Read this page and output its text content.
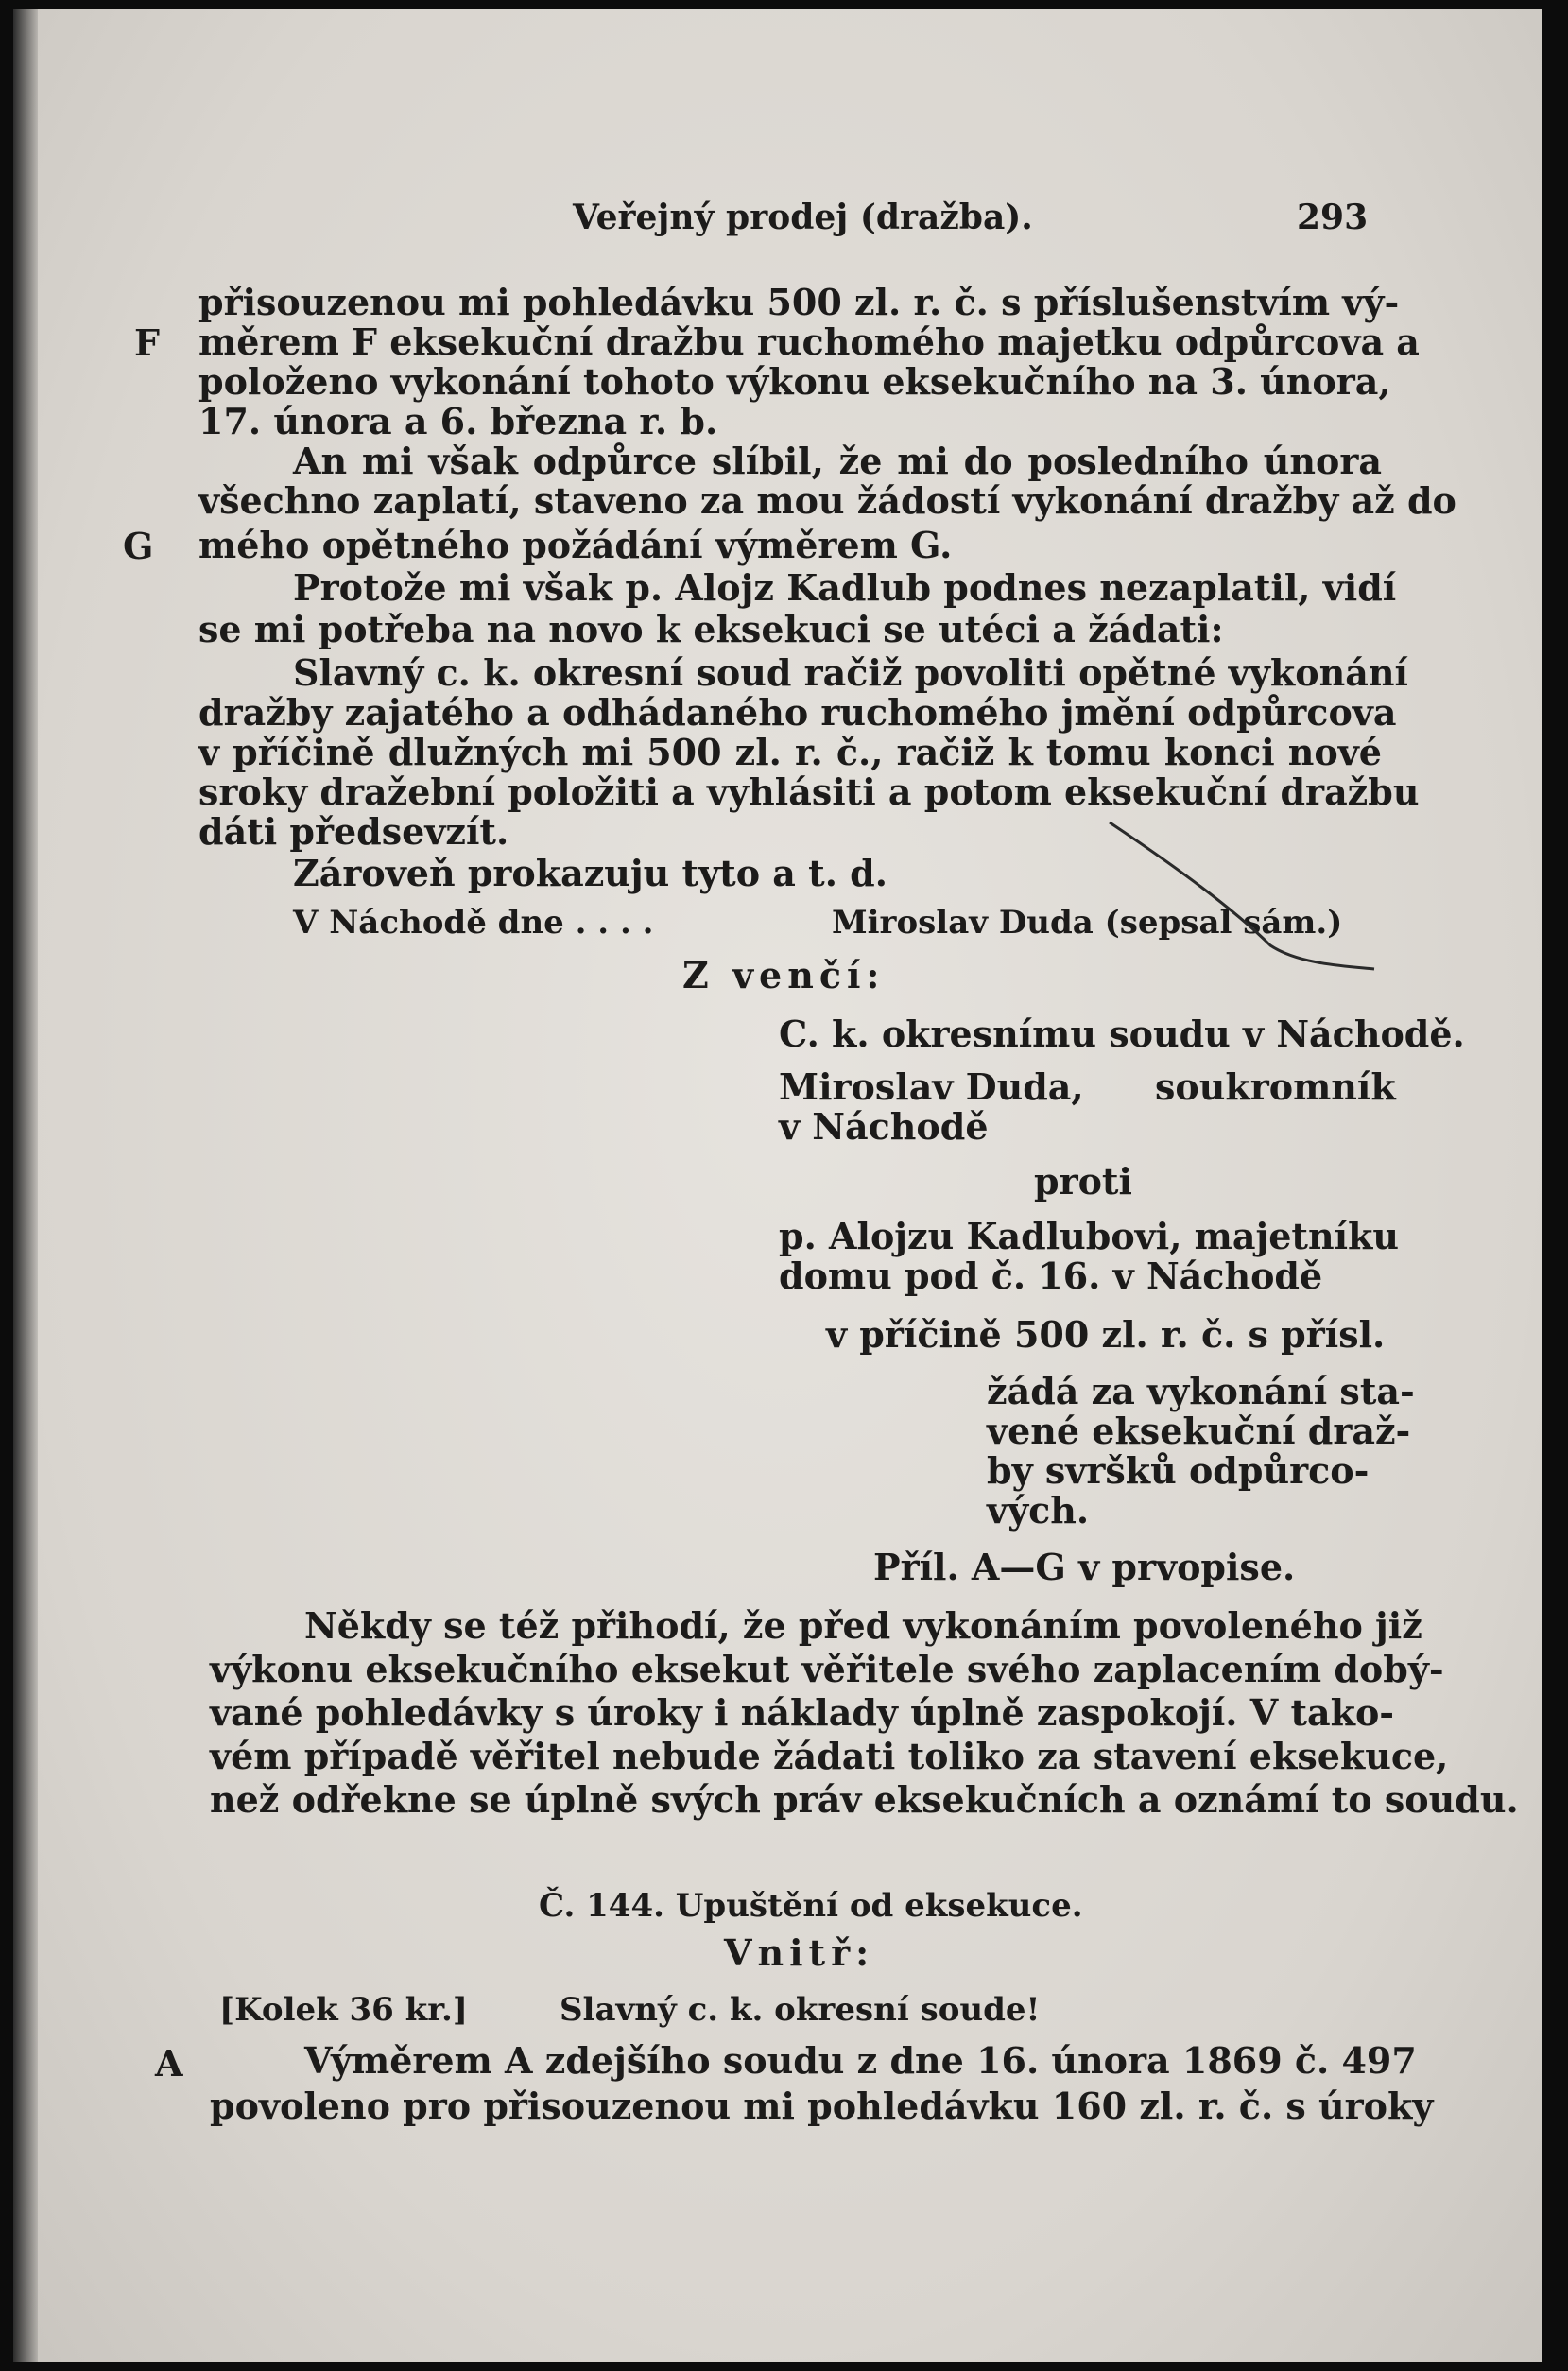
Veřejný prodej (dražba).	293
F
G
A
přisouzenou mi pohledávku 500 zl. r. č. s příslušenstvím vý-
měrem F eksekuční dražbu ruchomého majetku odpůrcova a
položeno vykonání tohoto výkonu eksekučního na 3. února,
17. února a 6. března r. b.
An mi však odpůrce slíbil, že mi do posledního února
všechno zaplatí, staveno za mou žádostí vykonání dražby až do
mého opětného požádání výměrem G.
Protože mi však p. Alojz Kadlub podnes nezaplatil, vidí
se mi potřeba na novo k eksekuci se utéci a žádati:
Slavný c. k. okresní soud račiž povoliti opětné vykonání
dražby zajatého a odhádaného ruchomého jmění odpůrcova
v příčině dlužných mi 500 zl. r. č., račiž k tomu konci nové
sroky dražební položiti a vyhlásiti a potom eksekuční dražbu
dáti předsevzít.
Zároveň prokazuju tyto a t. d.
V Náchodě dne . . . .	Miroslav Duda (sepsal sám.)
Z venčí:
C. k. okresnímu soudu v Náchodě.
Miroslav Duda, soukromník
v Náchodě
proti
p. Alojzu Kadlubovi, majetníku
domu pod č. 16. v Náchodě
v příčině 500 zl. r. č. s přísl.
žádá za vykonání sta-
vené eksekuční draž-
by svršků odpůrco-
vých.
Příl. A—G v prvopise.
Někdy se též přihodí, že před vykonáním povoleného již
výkonu eksekučního eksekut věřitele svého zaplacením dobý-
vané pohledávky s úroky i náklady úplně zaspokojí. V tako-
vém případě věřitel nebude žádati toliko za stavení eksekuce,
než odřekne se úplně svých práv eksekučních a oznámí to soudu.
Č. 144. Upuštění od eksekuce.
Vnitř:
[Kolek 36 kr.]	Slavný c. k. okresní soude!
Výměrem A zdejšího soudu z dne 16. února 1869 č. 497
povoleno pro přisouzenou mi pohledávku 160 zl. r. č. s úroky
